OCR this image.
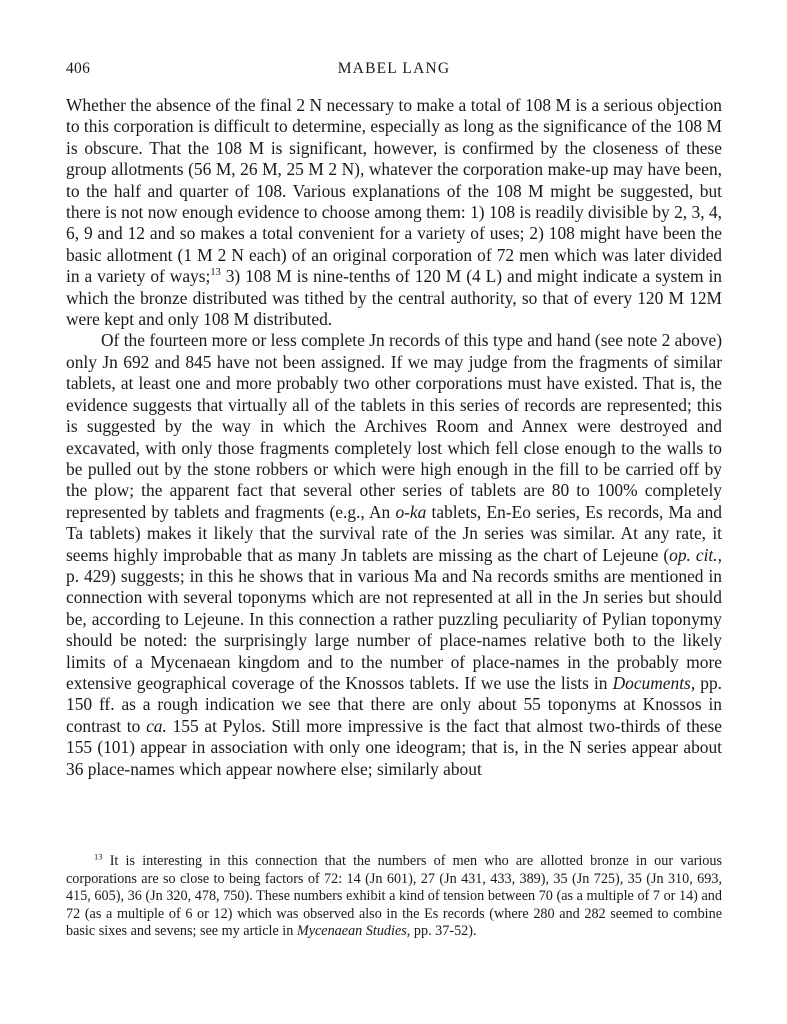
406	MABEL LANG

Whether the absence of the final 2 N necessary to make a total of 108 M is a serious objection to this corporation is difficult to determine, especially as long as the significance of the 108 M is obscure. That the 108 M is significant, however, is confirmed by the closeness of these group allotments (56 M, 26 M, 25 M 2 N), whatever the corporation make-up may have been, to the half and quarter of 108. Various explanations of the 108 M might be suggested, but there is not now enough evidence to choose among them: 1) 108 is readily divisible by 2, 3, 4, 6, 9 and 12 and so makes a total convenient for a variety of uses; 2) 108 might have been the basic allotment (1 M 2 N each) of an original corporation of 72 men which was later divided in a variety of ways;$^{13}$ 3) 108 M is nine-tenths of 120 M (4 L) and might indicate a system in which the bronze distributed was tithed by the central authority, so that of every 120 M 12M were kept and only 108 M distributed.

Of the fourteen more or less complete Jn records of this type and hand (see note 2 above) only Jn 692 and 845 have not been assigned. If we may judge from the fragments of similar tablets, at least one and more probably two other corporations must have existed. That is, the evidence suggests that virtually all of the tablets in this series of records are represented; this is suggested by the way in which the Archives Room and Annex were destroyed and excavated, with only those fragments completely lost which fell close enough to the walls to be pulled out by the stone robbers or which were high enough in the fill to be carried off by the plow; the apparent fact that several other series of tablets are 80 to 100% completely represented by tablets and fragments (e.g., An o-ka tablets, En-Eo series, Es records, Ma and Ta tablets) makes it likely that the survival rate of the Jn series was similar. At any rate, it seems highly improbable that as many Jn tablets are missing as the chart of Lejeune (op. cit., p. 429) suggests; in this he shows that in various Ma and Na records smiths are mentioned in connection with several toponyms which are not represented at all in the Jn series but should be, according to Lejeune. In this connection a rather puzzling peculiarity of Pylian toponymy should be noted: the surprisingly large number of place-names relative both to the likely limits of a Mycenaean kingdom and to the number of place-names in the probably more extensive geographical coverage of the Knossos tablets. If we use the lists in Documents, pp. 150 ff. as a rough indication we see that there are only about 55 toponyms at Knossos in contrast to ca. 155 at Pylos. Still more impressive is the fact that almost two-thirds of these 155 (101) appear in association with only one ideogram; that is, in the N series appear about 36 place-names which appear nowhere else; similarly about

$^{13}$ It is interesting in this connection that the numbers of men who are allotted bronze in our various corporations are so close to being factors of 72: 14 (Jn 601), 27 (Jn 431, 433, 389), 35 (Jn 725), 35 (Jn 310, 693, 415, 605), 36 (Jn 320, 478, 750). These numbers exhibit a kind of tension between 70 (as a multiple of 7 or 14) and 72 (as a multiple of 6 or 12) which was observed also in the Es records (where 280 and 282 seemed to combine basic sixes and sevens; see my article in Mycenaean Studies, pp. 37-52).
